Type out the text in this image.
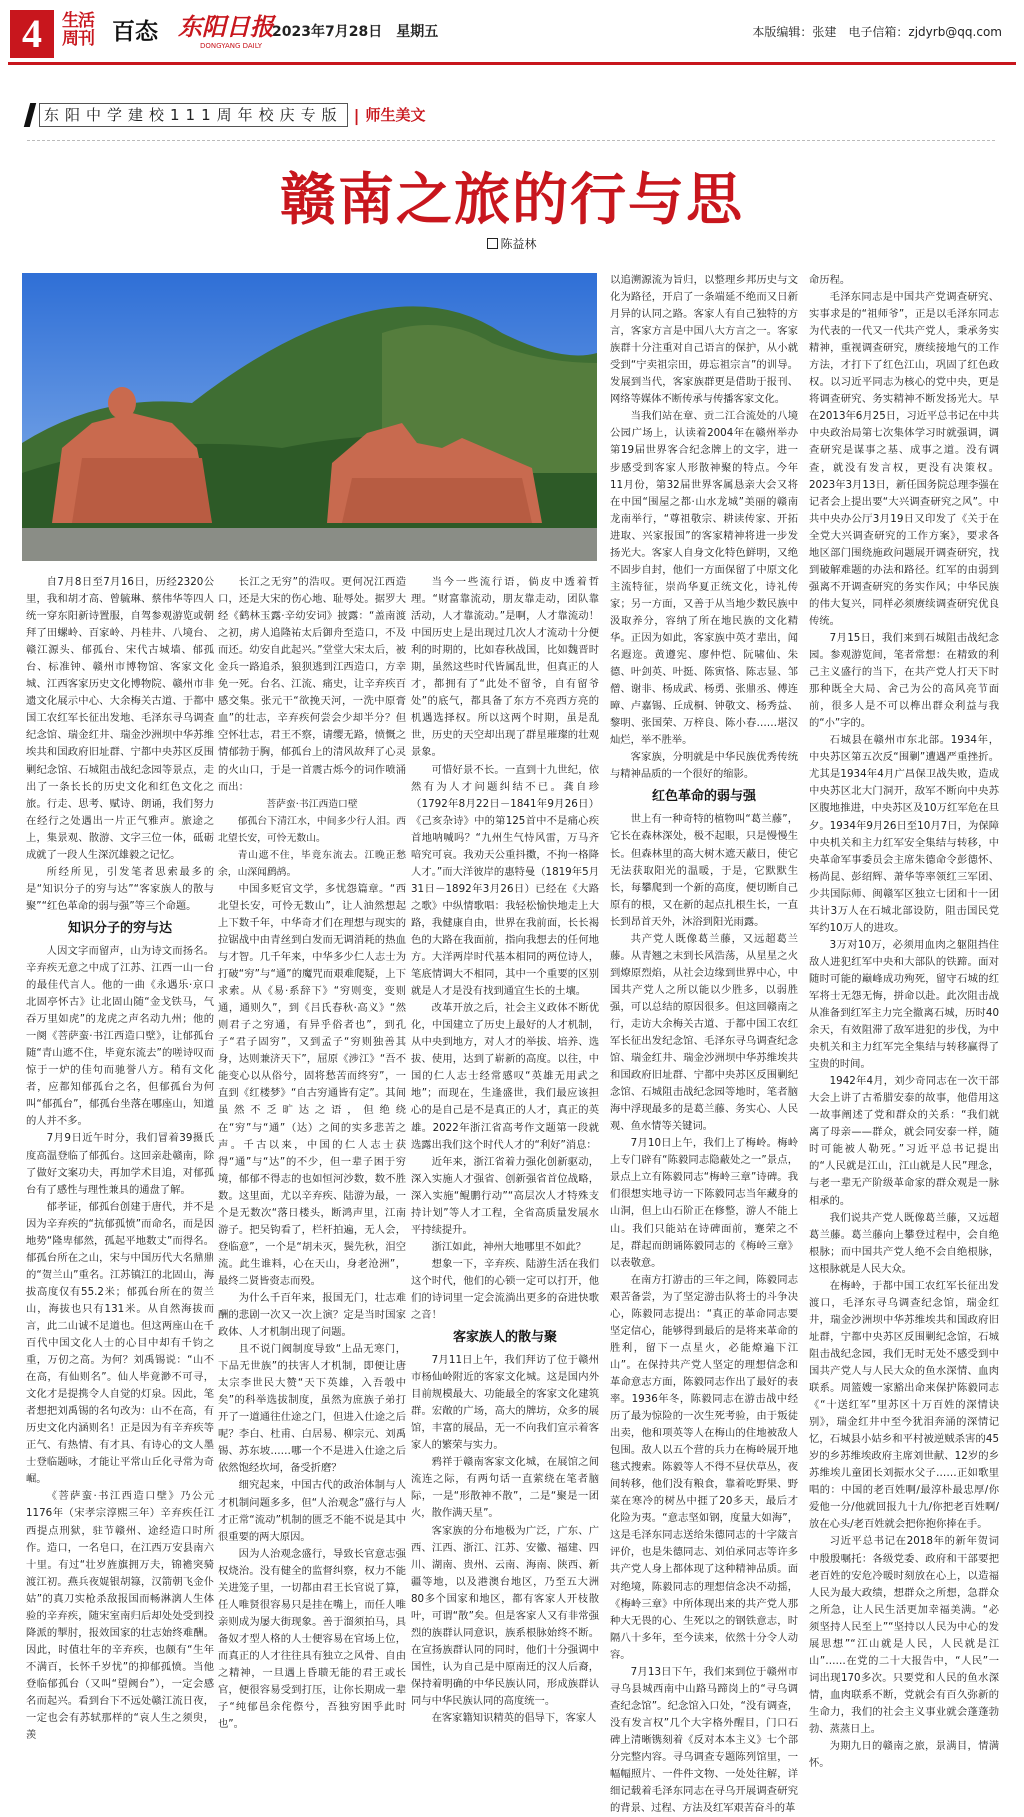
4	生活
周刊 百态 东阳日报
DONGYANG DAILY
2023年7月28日　星期五	本版编辑：张建　电子信箱：zjdyrb@qq.com
东阳中学建校111周年校庆专版 | 师生美文
赣南之旅的行与思
陈益林

自7月8日至7月16日，历经2320公里，我和胡才高、曾毓琳、蔡伟华等四人统一穿东阳新诗置服，自驾参观游览或朝拜了田螺岭、百家岭、丹桂井、八境台、赣江源头、郁孤台、宋代古城墙、郁孤台、标准钟、赣州市博物馆、客家文化城、江西客家历史文化博物院、赣州市非遗文化展示中心、大余梅关古道、于都中国工农红军长征出发地、毛泽东寻乌调查纪念馆、瑞金红井、瑞金沙洲坝中华苏维埃共和国政府旧址群、宁都中央苏区反围剿纪念馆、石城阻击战纪念园等景点，走出了一条长长的历史文化和红色文化之旅。行走、思考、赋诗、朗诵，我们努力在经行之处遇出一片正气雅声。旅途之上，集景观、散游、文字三位一体，砥砺成就了一段人生深沉雄毅之记忆。

所经所见，引发笔者思索最多的是“知识分子的穷与达”“客家族人的散与聚”“红色革命的弱与强”等三个命题。

知识分子的穷与达

人因文字而留声，山为诗文而扬名。辛弃疾无意之中成了江苏、江西一山一台的最佳代言人。他的一曲《永遇乐·京口北固亭怀古》让北固山随“金戈铁马，气吞万里如虎”的龙虎之声名动九州；他的一阕《菩萨蛮·书江西造口壁》，让郁孤台随“青山遮不住，毕竟东流去”的嗟诗叹而惊于一炉的佳句而驰誉八方。稍有文化者，应都知郁孤台之名，但郁孤台为何叫“郁孤台”，郁孤台坐落在哪座山，知道的人并不多。

7月9日近午时分，我们冒着39摄氏度高温登临了郁孤台。这回亲赴赣南，除了做好文案功夫，再加学术目追，对郁孤台有了感性与理性兼具的通盘了解。

郁孝证，郁孤台创建于唐代，并不是因为辛弃疾的“抗郁孤愤”而命名，而是因地势“隆卑郁然，孤起平地数丈”而得名。郁孤台所在之山，宋与中国历代大名鼎鼎的“贺兰山”重名。江苏镇江的北固山，海拔高度仅有55.2米；郁孤台所在的贺兰山，海拔也只有131米。从自然海拔而言，此二山诚不足道也。但这两座山在千百代中国文化人士的心目中却有千钧之重，万仞之高。为何？刘禹锡说：“山不在高，有仙则名”。仙人毕竟渺不可寻，文化才是提携令人自觉的灯泉。因此，笔者想把刘禹锡的名句改为：山不在高，有历史文化内涵则名！正是因为有辛弃疾等正气、有热情、有才具、有诗心的文人墨士登临题咏，才能让平常山丘化寻常为奇崛。

《菩萨蛮·书江西造口壁》乃公元1176年（宋孝宗淳熙三年）辛弃疾任江西提点刑狱，驻节赣州、途经造口时所作。造口，一名皂口，在江西万安县南六十里。有过“壮岁旌旗拥万夫，锦襜突骑渡江初。燕兵夜娖银胡簶，汉箭朝飞金仆姑”的真刀实枪杀敌报国而畅淋漓人生体验的辛弃疾，随宋室南归后却处处受到投降派的掣肘，报效国家的壮志始终难酬。因此，时值壮年的辛弃疾，也颇有“生年不满百，长怀千岁忧”的抑郁孤愤。当他登临郁孤台（又叫“望阙台”），一定会感名而起兴。看到台下不远处赣江流日夜，一定也会有苏轼那样的“哀人生之须臾，羡

长江之无穷”的浩叹。更何况江西造口，还是大宋的伤心地、耻辱处。据罗大经《鹤林玉露·辛幼安词》披露：“盖南渡之初，虏人追隆祐太后御舟至造口，不及而还。幼安自此起兴。”堂堂大宋太后，被金兵一路追杀，狼狈逃到江西造口，方幸免一死。台名、江流、痛史，让辛弃疾百感交集。张元干“欲挽天河，一洗中原膏血”的壮志，辛弃疾何尝会少却半分？但空怀壮志，君王不察，请缨无路，愤慨之情郁勃于胸，郁孤台上的清风故拜了心灵的火山口，于是一首震古烁今的词作喷涌而出：

菩萨蛮·书江西造口壁

郁孤台下清江水，中间多少行人泪。西北望长安，可怜无数山。

青山遮不住，毕竟东流去。江晚正愁余，山深闻鹧鸪。

中国多贬官文学，多忧怨篇章。“西北望长安，可怜无数山”，让人油然想起上下数千年，中华奇才们在理想与现实的拉锯战中由青丝到白发而无调消耗的热血与才智。几千年来，中华多少仁人志士为打破“穷”与“通”的魔咒而艰难爬疑，上下求索。从《易·系辞下》“穷则变，变则通，通则久”，到《吕氏春秋·高义》“然则君子之穷通，有异乎俗者也”，到孔子“君子固穷”，又到孟子“穷则独善其身，达则兼济天下”，屈原《涉江》“吾不能变心以从俗兮，固将愁苦而终穷”，一直到《红楼梦》“自古穷通皆有定”。其间虽然不乏旷达之语，但绝绕在“穷”与“通”（达）之间的实多悲苦之声。千古以来，中国的仁人志士获得“通”与“达”的不少，但一辈子困于穷境，郁郁不得志的也如恒河沙数，数不胜数。这里面，尤以辛弃疾、陆游为最，一个是无数次“落日楼头，断鸿声里，江南游子。把吴钩看了，栏杆拍遍，无人会，登临意”，一个是“胡未灭，鬓先秋，泪空流。此生谁料，心在天山，身老沧洲”，最终二贤皆赍志而殁。

为什么千百年来，报国无门，壮志难酬的悲剧一次又一次上演？定是当时国家政体、人才机制出现了问题。

且不说门阀制度导致“上品无寒门，下品无世族”的扶害人才机制，即便让唐太宗李世民大赞“天下英雄，入吾彀中矣”的科举选拔制度，虽然为庶族子弟打开了一道通往仕途之门，但进入仕途之后呢？李白、杜甫、白居易、柳宗元、刘禹锡、苏东坡……哪一个不是进入仕途之后依然饱经坎坷，备受折磨？

细究起来，中国古代的政治体制与人才机制问题多多，但“人治观念”盛行与人才正常“流动”机制的匮乏不能不说是其中很重要的两大原因。

因为人治观念盛行，导致长官意志强权烧治。没有健全的监督纠察，权力不能关进笼子里，一切都由君王长官说了算，任人唯贤很容易只是挂在嘴上，而任人唯亲则成为屡大街现象。善于溜须拍马，具备奴才型人格的人士便容易在官场上位，而真正的人才往往具有独立之风骨、自由之精神，一旦遇上昏聩无能的君王或长官，便很容易受到打压，让你长期成一辈子“纯郁邑余侘傺兮，吾独穷困乎此时也”。

当今一些流行语，倘皮中透着哲理。“财富靠流动，朋友靠走动，团队靠活动，人才靠流动。”是啊，人才靠流动！中国历史上是出现过几次人才流动十分便利的时期的，比如春秋战国，比如魏晋时期，虽然这些时代皆属乱世，但真正的人才，都拥有了“此处不留爷，自有留爷处”的底气，都具备了东方不亮西方亮的机遇选择权。所以这两个时期，虽是乱世，历史的天空却出现了群星璀璨的壮观景象。

可惜好景不长。一直到十九世纪，依然有为人才问题纠结不已。龚自珍（1792年8月22日－1841年9月26日）《己亥杂诗》中的第125首中不是痛心疾首地呐喊吗？“九州生气恃风雷，万马齐喑究可哀。我劝天公重抖擞，不拘一格降人才。”而大洋彼岸的惠特曼（1819年5月31日－1892年3月26日）已经在《大路之歌》中纵情歌唱：我轻松愉快地走上大路，我健康自由，世界在我前面，长长褐色的大路在我面前，指向我想去的任何地方。大洋两岸时代基本相同的两位诗人，笔底情调大不相同，其中一个重要的区别就是人才是没有找到通宜生长的土壤。

改革开放之后，社会主义政体不断优化，中国建立了历史上最好的人才机制，从中央到地方，对人才的举拔、培养、选拔、使用，达到了崭新的高度。以往，中国的仁人志士经常感叹“英雄无用武之地”；而现在，生逢盛世，我们最应该担心的是自己是不是真正的人才，真正的英雄。2022年浙江省高考作文题第一段就选露出我们这个时代人才的“利好”消息：

近年来，浙江省着力强化创新驱动，深入实施人才强省、创新强省首位战略，深入实施“鲲鹏行动”“高层次人才特殊支持计划”等人才工程，全省高质量发展水平持续提升。

浙江如此，神州大地哪里不如此？

想象一下，辛弃疾、陆游生活在我们这个时代，他们的心锁一定可以打开，他们的诗词里一定会流淌出更多的奋进快歌之音！

客家族人的散与聚

7月11日上午，我们拜访了位于赣州市杨仙岭附近的客家文化城。这是国内外目前规模最大、功能最全的客家文化建筑群。宏敞的广场，高大的牌坊，众多的展馆，丰富的展品，无一不向我们宣示着客家人的繁荣与实力。

鸦祥于赣南客家文化城，在展馆之间流连之际，有两句话一直萦绕在笔者脑际，一是“形散神不散”，二是“聚是一团火，散作满天星”。

客家族的分布地极为广泛，广东、广西、江西、浙江、江苏、安徽、福建、四川、湖南、贵州、云南、海南、陕西、新疆等地，以及港澳台地区，乃至五大洲80多个国家和地区，都有客家人开枝散叶，可谓“散”矣。但是客家人又有非常强烈的族群认同意识，族系根脉始终不断。在宣扬族群认同的同时，他们十分强调中国性，认为自己是中原南迁的汉人后裔，保持着明确的中华民族认同，形成族群认同与中华民族认同的高度统一。

在客家籍知识精英的倡导下，客家人

以追溯源流为旨归，以整理乡邦历史与文化为路径，开启了一条端延不绝而又日新月异的认同之路。客家人有自己独特的方言，客家方言是中国八大方言之一。客家族群十分注重对自己语言的保护，从小就受到“宁卖祖宗田，毋忘祖宗言”的训导。发展到当代，客家族群更是借助于报刊、网络等媒体不断传承与传播客家文化。

当我们站在章、贡二江合流处的八境公园广场上，认读着2004年在赣州举办第19届世界客合纪念牌上的文字，进一步感受到客家人形散神聚的特点。今年11月份，第32届世界客属恳亲大会又将在中国“围屋之都·山水龙城”美丽的赣南龙南举行，“尊祖敬宗、耕读传家、开拓进取、兴家报国”的客家精神将进一步发扬光大。客家人自身文化特色鲜明，又绝不固步自封，他们一方面保留了中原文化主流特征，崇尚华夏正统文化，诗礼传家；另一方面，又善于从当地少数民族中汲取养分，容纳了所在地民族的文化精华。正因为如此，客家族中英才辈出，闻名遐迩。黄遵宪、廖仲恺、阮啸仙、朱德、叶剑英、叶挺、陈寅恪、陈志显、邹僧、谢非、杨成武、杨勇、张鼎丞、傅连暲、卢嘉锡、丘成桐、钟敬文、杨秀益、黎明、张国荣、万梓良、陈小春……堪汉灿烂，举不胜举。

客家族，分明就是中华民族优秀传统与精神品质的一个很好的缩影。

红色革命的弱与强

世上有一种奇特的植物叫“葛兰藤”，它长在森林深处，极不起眼，只是慢慢生长。但森林里的高大树木遮天蔽日，使它无法获取阳光的温暖，于是，它默默生长，每攀爬到一个新的高度，便切断自己原有的根，又在新的起点扎根生长，一直长到昂首天外，沐浴到阳光雨露。

共产党人既像葛兰藤，又远超葛兰藤。从青翘之末到长风浩荡，从星星之火到燎原烈焰，从社会边缘到世界中心，中国共产党人之所以能以少胜多，以弱胜强，可以总结的原因很多。但这回赣南之行，走访大余梅关古道、于都中国工农红军长征出发纪念馆、毛泽东寻乌调查纪念馆、瑞金红井、瑞金沙洲坝中华苏维埃共和国政府旧址群、宁都中央苏区反围剿纪念馆、石城阻击战纪念园等地时，笔者脑海中浮现最多的是葛兰藤、务实心、人民观、鱼水情等关键词。

7月10日上午，我们上了梅岭。梅岭上专门辟有“陈毅同志隐蔽处之一”景点，景点上立有陈毅同志“梅岭三章”诗碑。我们很想实地寻访一下陈毅同志当年藏身的山洞，但上山石阶正在修整，游人不能上山。我们只能站在诗碑面前，蹇荣之不足，群起而朗诵陈毅同志的《梅岭三章》以表敬意。

在南方打游击的三年之间，陈毅同志艰苦备尝，为了坚定游击队将士的斗争决心，陈毅同志提出：“真正的革命同志要坚定信心，能够得到最后的是将来革命的胜利，留下一点星火，必能燎遍下江山”。在保持共产党人坚定的理想信念和革命意志方面，陈毅同志作出了最好的表率。1936年冬，陈毅同志在游击战中经历了最为惊险的一次生死考验，由于叛徒出卖，他和项英等人在梅山的住地被敌人包围。敌人以五个营的兵力在梅岭展开地毯式搜索。陈毅等人不得不昼伏草丛，夜间转移，他们没有粮食，靠着吃野果、野菜在寒冷的树丛中捱了20多天，最后才化险为夷。“意志坚如钢，度量大如海”，这是毛泽东同志送给朱德同志的十字箴言评价，也是朱德同志、刘伯承同志等许多共产党人身上都体现了这种精神品质。面对绝境，陈毅同志的理想信念决不动摇，《梅岭三章》中所体现出来的共产党人那种大无畏的心、生死以之的钢铁意志，时隔八十多年，至今读来，依然十分令人动容。

7月13日下午，我们来到位于赣州市寻乌县城西南中山路马蹄岗上的“寻乌调查纪念馆”。纪念馆入口处，“没有调查，没有发言权”几个大字格外醒目，门口石碑上清晰镌刻着《反对本本主义》七个部分完整内容。寻乌调查专题陈列馆里，一幅幅照片、一件件文物、一处处往解，详细记载着毛泽东同志在寻乌开展调查研究的背景、过程、方法及红军艰苦奋斗的革

命历程。

毛泽东同志是中国共产党调查研究、实事求是的“祖师爷”，正是以毛泽东同志为代表的一代又一代共产党人，秉承务实精神，重视调查研究，赓续接地气的工作方法，才打下了红色江山，巩固了红色政权。以习近平同志为核心的党中央，更是将调查研究、务实精神不断发扬光大。早在2013年6月25日，习近平总书记在中共中央政治局第七次集体学习时就强调，调查研究是谋事之基、成事之道。没有调查，就没有发言权，更没有决策权。2023年3月13日，新任国务院总理李强在记者会上提出要“大兴调查研究之风”。中共中央办公厅3月19日又印发了《关于在全党大兴调查研究的工作方案》，要求各地区部门围绕施政问题展开调查研究，找到破解难题的办法和路径。红军的由弱到强离不开调查研究的务实作风；中华民族的伟大复兴，同样必须赓续调查研究优良传统。

7月15日，我们来到石城阻击战纪念园。参观游览间，笔者常想：在精致的利己主义盛行的当下，在共产党人打天下时那种既全大局、舍己为公的高风亮节面前，很多人是不可以榫出群众利益与我的“小”字的。

石城县在赣州市东北部。1934年，中央苏区第五次反“围剿”遭遇严重挫折。尤其是1934年4月广昌保卫战失败，造成中央苏区北大门洞开，敌军不断向中央苏区腹地推进，中央苏区及10万红军危在旦夕。1934年9月26日至10月7日，为保障中央机关和主力红军安全集结与转移，中央革命军事委员会主席朱德命令彭德怀、杨尚昆、彭绍辉、萧华等率领红三军团、少共国际师、闽赣军区独立七团和十一团共计3万人在石城北部设防，阻击国民党军约10万人的进攻。

3万对10万，必须用血肉之躯阻挡住敌人进犯红军中央和大部队的铁蹄。面对随时可能的巅峰成功殉死，留守石城的红军将士无怨无悔，拼命以赴。此次阻击战从准备到红军主力完全撤离石城，历时40余天，有效阻滞了敌军进犯的步伐，为中央机关和主力红军完全集结与转移赢得了宝贵的时间。

1942年4月，刘少奇同志在一次干部大会上讲了古希腊安泰的故事，他借用这一故事阐述了党和群众的关系：“我们就离了母亲——群众，就会同安泰一样，随时可能被人勒死。”习近平总书记提出的“人民就是江山，江山就是人民”理念，与老一辈无产阶级革命家的群众观是一脉相承的。

我们说共产党人既像葛兰藤，又远超葛兰藤。葛兰藤向上攀登过程中，会自绝根脉；而中国共产党人绝不会自绝根脉，这根脉就是人民大众。

在梅岭，于都中国工农红军长征出发渡口，毛泽东寻乌调查纪念馆，瑞金红井，瑞金沙洲坝中华苏维埃共和国政府旧址群，宁都中央苏区反围剿纪念馆，石城阻击战纪念园，我们无时无处不感受到中国共产党人与人民大众的鱼水深情、血肉联系。周篮嫂一家豁出命来保护陈毅同志《“十送红军”里苏区十万百姓的深情诀别》，瑞金红井中至今犹泪奔涌的深情记忆，石城县小姑乡和平村被逆贼杀害的45岁的乡苏维埃政府主席刘世献、12岁的乡苏维埃儿童团长刘振水父子……正如歌里唱的：中国的老百姓啊/最淳朴最忠厚/你爱他一分/他就回报九十九/你把老百姓啊/放在心头/老百姓就会把你抱你捧在手。

习近平总书记在2018年的新年贺词中殷殷嘱托：各级党委、政府和干部要把老百姓的安危冷暖时刻放在心上，以造福人民为最大政绩，想群众之所想，急群众之所急，让人民生活更加幸福美满。“必须坚持人民至上”“坚持以人民为中心的发展思想”“江山就是人民，人民就是江山”……在党的二十大报告中，“人民”一词出现170多次。只要党和人民的鱼水深情，血肉联系不断，党就会有百久弥新的生命力，我们的社会主义事业就会蓬蓬勃勃、蒸蒸日上。

为期九日的赣南之旅，景满目，情满怀。
